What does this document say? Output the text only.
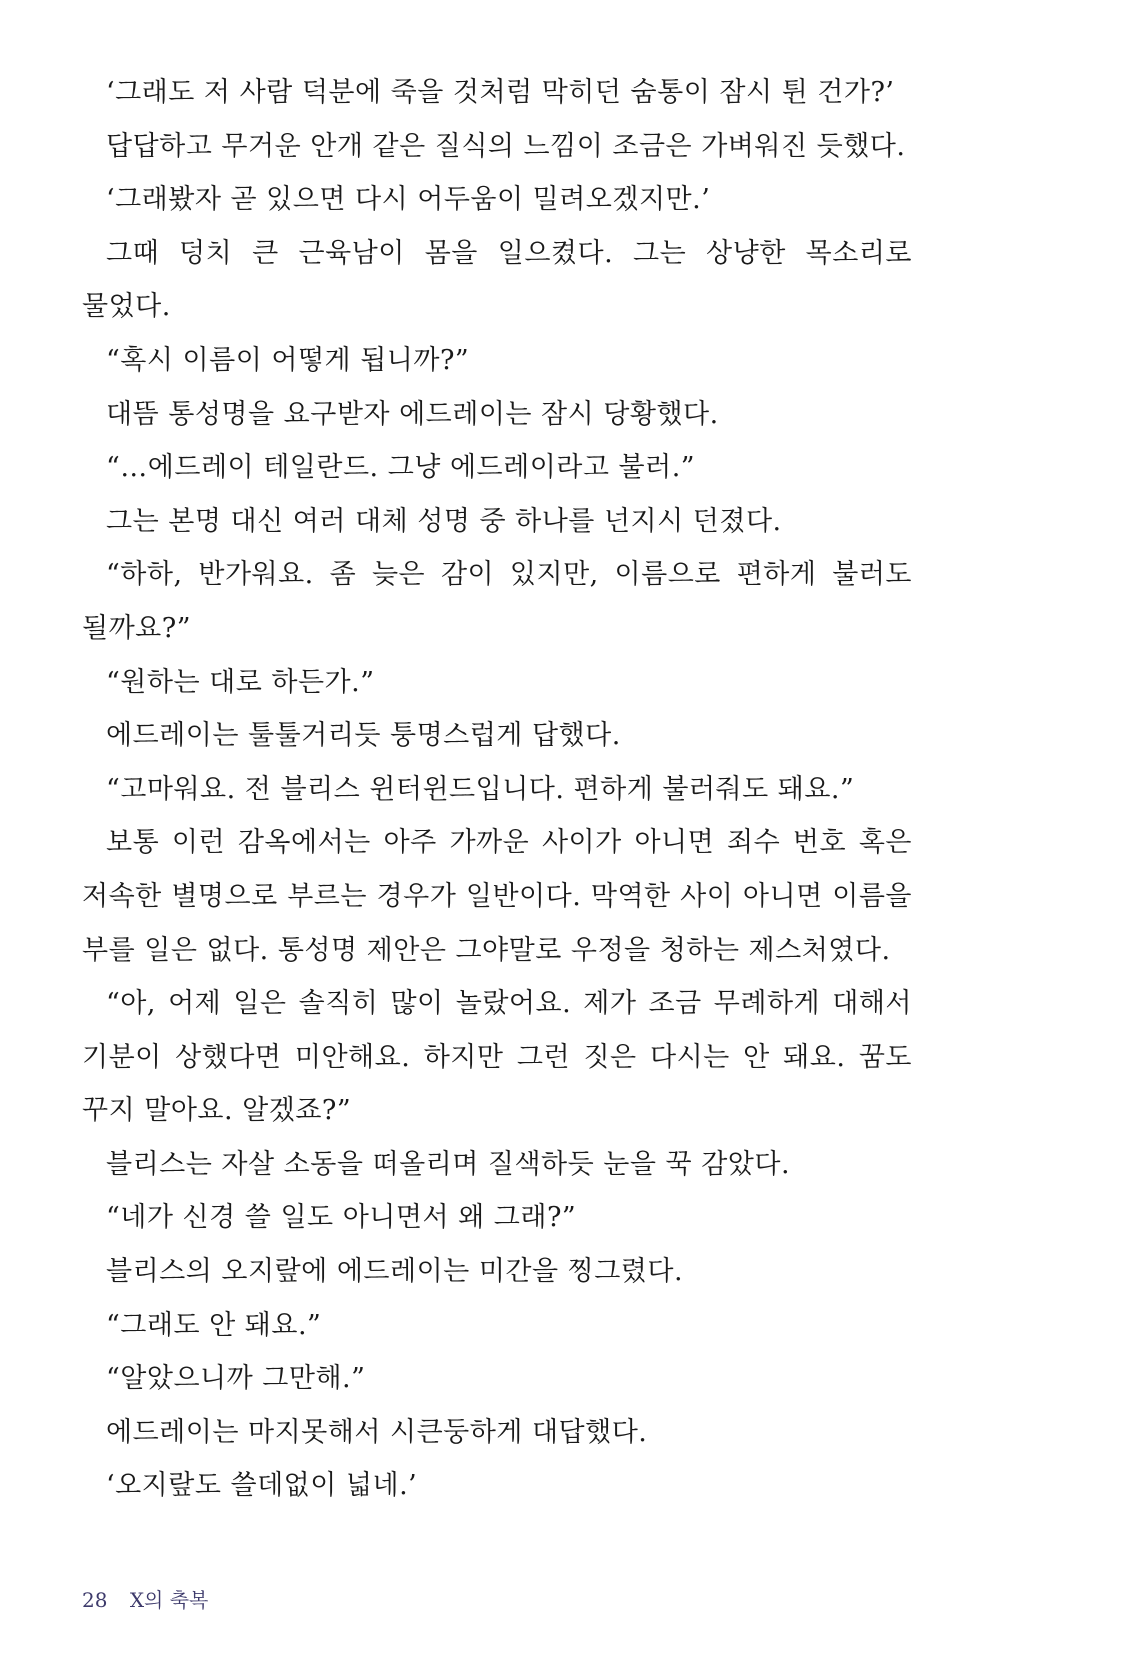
‘그래도 저 사람 덕분에 죽을 것처럼 막히던 숨통이 잠시 튄 건가?’

답답하고 무거운 안개 같은 질식의 느낌이 조금은 가벼워진 듯했다.

‘그래봤자 곧 있으면 다시 어두움이 밀려오겠지만.’

그때 덩치 큰 근육남이 몸을 일으켰다. 그는 상냥한 목소리로 물었다.

“혹시 이름이 어떻게 됩니까?”

대뜸 통성명을 요구받자 에드레이는 잠시 당황했다.

“…에드레이 테일란드. 그냥 에드레이라고 불러.”

그는 본명 대신 여러 대체 성명 중 하나를 넌지시 던졌다.

“하하, 반가워요. 좀 늦은 감이 있지만, 이름으로 편하게 불러도 될까요?”

“원하는 대로 하든가.”

에드레이는 툴툴거리듯 퉁명스럽게 답했다.

“고마워요. 전 블리스 윈터윈드입니다. 편하게 불러줘도 돼요.”

보통 이런 감옥에서는 아주 가까운 사이가 아니면 죄수 번호 혹은 저속한 별명으로 부르는 경우가 일반이다. 막역한 사이 아니면 이름을 부를 일은 없다. 통성명 제안은 그야말로 우정을 청하는 제스처였다.

“아, 어제 일은 솔직히 많이 놀랐어요. 제가 조금 무례하게 대해서 기분이 상했다면 미안해요. 하지만 그런 짓은 다시는 안 돼요. 꿈도 꾸지 말아요. 알겠죠?”

블리스는 자살 소동을 떠올리며 질색하듯 눈을 꾹 감았다.

“네가 신경 쓸 일도 아니면서 왜 그래?”

블리스의 오지랖에 에드레이는 미간을 찡그렸다.

“그래도 안 돼요.”

“알았으니까 그만해.”

에드레이는 마지못해서 시큰둥하게 대답했다.

‘오지랖도 쓸데없이 넓네.’

28 X의 축복
